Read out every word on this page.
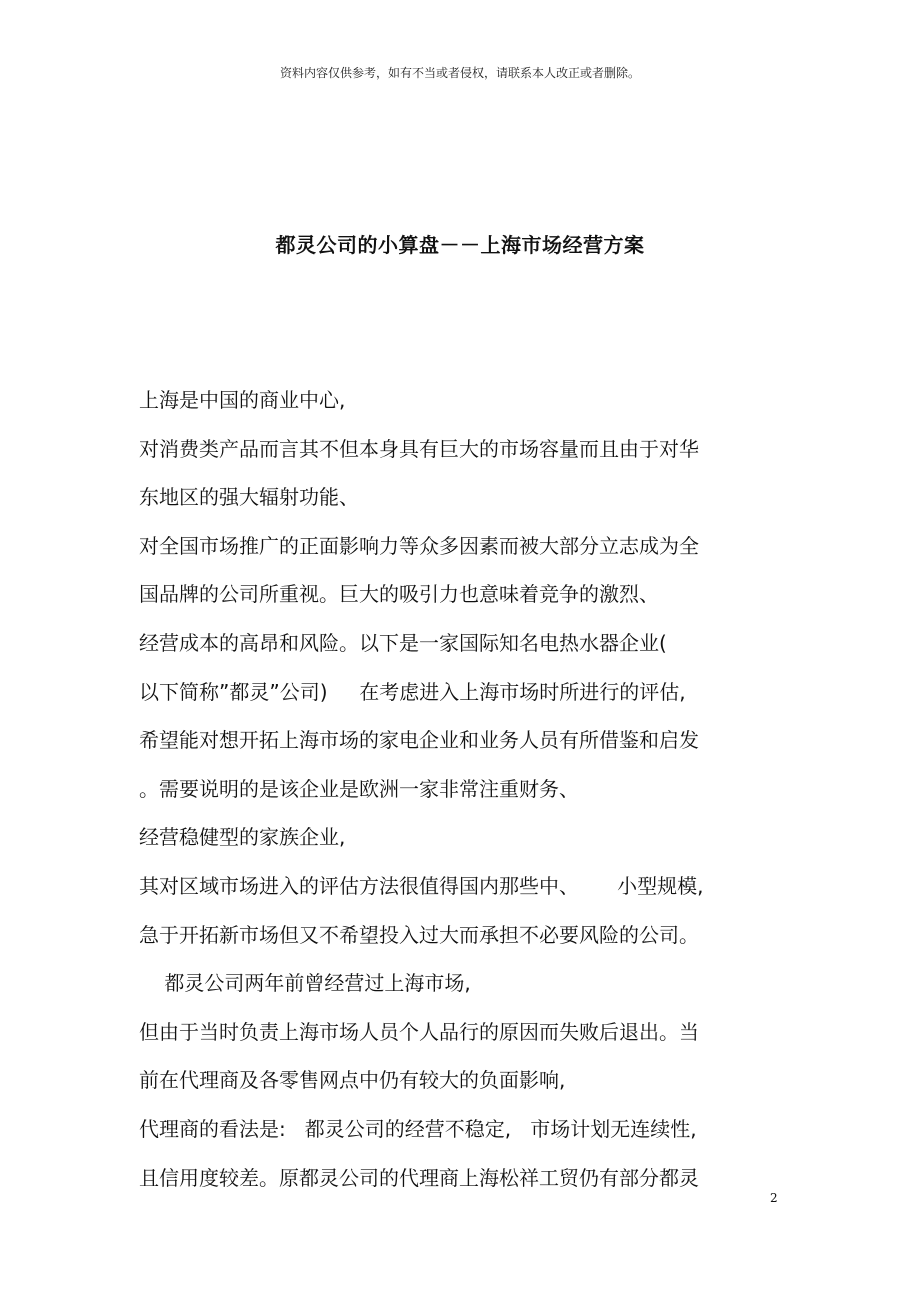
资料内容仅供参考，如有不当或者侵权，请联系本人改正或者删除。
都灵公司的小算盘－－上海市场经营方案
上海是中国的商业中心,
对消费类产品而言其不但本身具有巨大的市场容量而且由于对华
东地区的强大辐射功能、
对全国市场推广的正面影响力等众多因素而被大部分立志成为全
国品牌的公司所重视。巨大的吸引力也意味着竞争的激烈、
经营成本的高昂和风险。以下是一家国际知名电热水器企业(
以下简称”都灵”公司)     在考虑进入上海市场时所进行的评估,
希望能对想开拓上海市场的家电企业和业务人员有所借鉴和启发
。需要说明的是该企业是欧洲一家非常注重财务、
经营稳健型的家族企业,
其对区域市场进入的评估方法很值得国内那些中、      小型规模,
急于开拓新市场但又不希望投入过大而承担不必要风险的公司。
都灵公司两年前曾经营过上海市场,
但由于当时负责上海市场人员个人品行的原因而失败后退出。当
前在代理商及各零售网点中仍有较大的负面影响,
代理商的看法是:   都灵公司的经营不稳定,   市场计划无连续性,
且信用度较差。原都灵公司的代理商上海松祥工贸仍有部分都灵
2
